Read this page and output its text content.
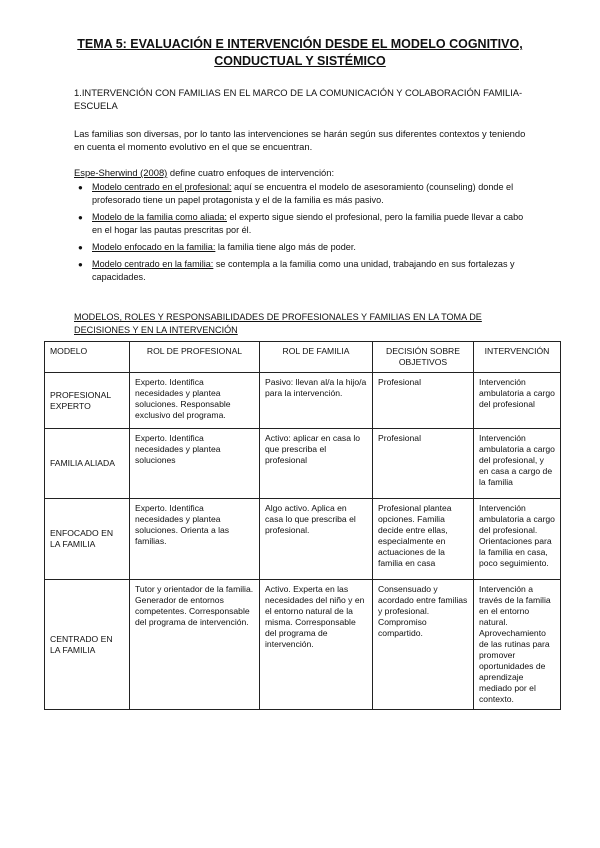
TEMA 5: EVALUACIÓN E INTERVENCIÓN DESDE EL MODELO COGNITIVO, CONDUCTUAL Y SISTÉMICO
1.INTERVENCIÓN CON FAMILIAS EN EL MARCO DE LA COMUNICACIÓN Y COLABORACIÓN FAMILIA-ESCUELA
Las familias son diversas, por lo tanto las intervenciones se harán según sus diferentes contextos y teniendo en cuenta el momento evolutivo en el que se encuentran.
Espe-Sherwind (2008) define cuatro enfoques de intervención:
● Modelo centrado en el profesional: aquí se encuentra el modelo de asesoramiento (counseling) donde el profesorado tiene un papel protagonista y el de la familia es más pasivo.
● Modelo de la familia como aliada: el experto sigue siendo el profesional, pero la familia puede llevar a cabo en el hogar las pautas prescritas por él.
● Modelo enfocado en la familia: la familia tiene algo más de poder.
● Modelo centrado en la familia: se contempla a la familia como una unidad, trabajando en sus fortalezas y capacidades.
MODELOS, ROLES Y RESPONSABILIDADES DE PROFESIONALES Y FAMILIAS EN LA TOMA DE DECISIONES Y EN LA INTERVENCIÓN
MODELO	ROL DE PROFESIONAL	ROL DE FAMILIA	DECISIÓN SOBRE OBJETIVOS	INTERVENCIÓN
PROFESIONAL EXPERTO	Experto. Identifica necesidades y plantea soluciones. Responsable exclusivo del programa.	Pasivo: llevan al/a la hijo/a para la intervención.	Profesional	Intervención ambulatoria a cargo del profesional
FAMILIA ALIADA	Experto. Identifica necesidades y plantea soluciones	Activo: aplicar en casa lo que prescriba el profesional	Profesional	Intervención ambulatoria a cargo del profesional, y en casa a cargo de la familia
ENFOCADO EN LA FAMILIA	Experto. Identifica necesidades y plantea soluciones. Orienta a las familias.	Algo activo. Aplica en casa lo que prescriba el profesional.	Profesional plantea opciones. Familia decide entre ellas, especialmente en actuaciones de la familia en casa	Intervención ambulatoria a cargo del profesional. Orientaciones para la familia en casa, poco seguimiento.
CENTRADO EN LA FAMILIA	Tutor y orientador de la familia. Generador de entornos competentes. Corresponsable del programa de intervención.	Activo. Experta en las necesidades del niño y en el entorno natural de la misma. Corresponsable del programa de intervención.	Consensuado y acordado entre familias y profesional. Compromiso compartido.	Intervención a través de la familia en el entorno natural. Aprovechamiento de las rutinas para promover oportunidades de aprendizaje mediado por el contexto.
